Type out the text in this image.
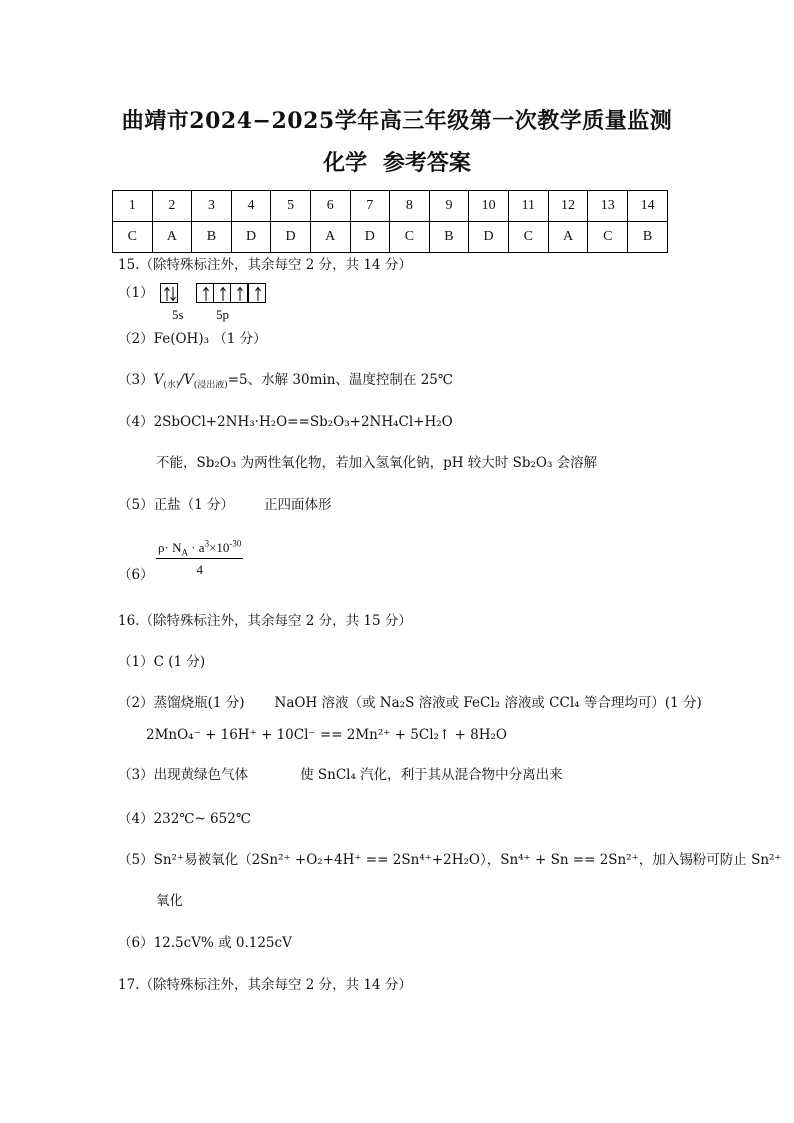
曲靖市2024−2025学年高三年级第一次教学质量监测
化学 参考答案
1	2	3	4	5	6	7	8	9	10	11	12	13	14
C	A	B	D	D	A	D	C	B	D	C	A	C	B
15.（除特殊标注外，其余每空 2 分，共 14 分）
（1）
5s 5p
（2）Fe(OH)₃ （1 分）
$(3)V_{(水)}/V_{(浸出液)}=5$、水解 30min、温度控制在 25℃
（4）2SbOCl+2NH₃·H₂O==Sb₂O₃+2NH₄Cl+H₂O
不能，Sb₂O₃ 为两性氧化物，若加入氢氧化钠，pH 较大时 Sb₂O₃ 会溶解
（5）正盐（1 分） 正四面体形
$(6) \frac{\rho\cdot N_A \cdot a^3\times 10^{-30}}{4}$
16.（除特殊标注外，其余每空 2 分，共 15 分）
（1）C (1 分)
（2）蒸馏烧瓶(1 分) NaOH 溶液（或 Na₂S 溶液或 FeCl₂ 溶液或 CCl₄ 等合理均可）(1 分)
2MnO₄⁻ + 16H⁺ + 10Cl⁻ == 2Mn²⁺ + 5Cl₂↑ + 8H₂O
（3）出现黄绿色气体	使 SnCl₄ 汽化，利于其从混合物中分离出来
（4）232℃~ 652℃
（5）Sn²⁺易被氧化（2Sn²⁺ +O₂+4H⁺ == 2Sn⁴⁺+2H₂O），Sn⁴⁺ + Sn == 2Sn²⁺，加入锡粉可防止 Sn²⁺
氧化
（6）12.5cV% 或 0.125cV
17.（除特殊标注外，其余每空 2 分，共 14 分）
